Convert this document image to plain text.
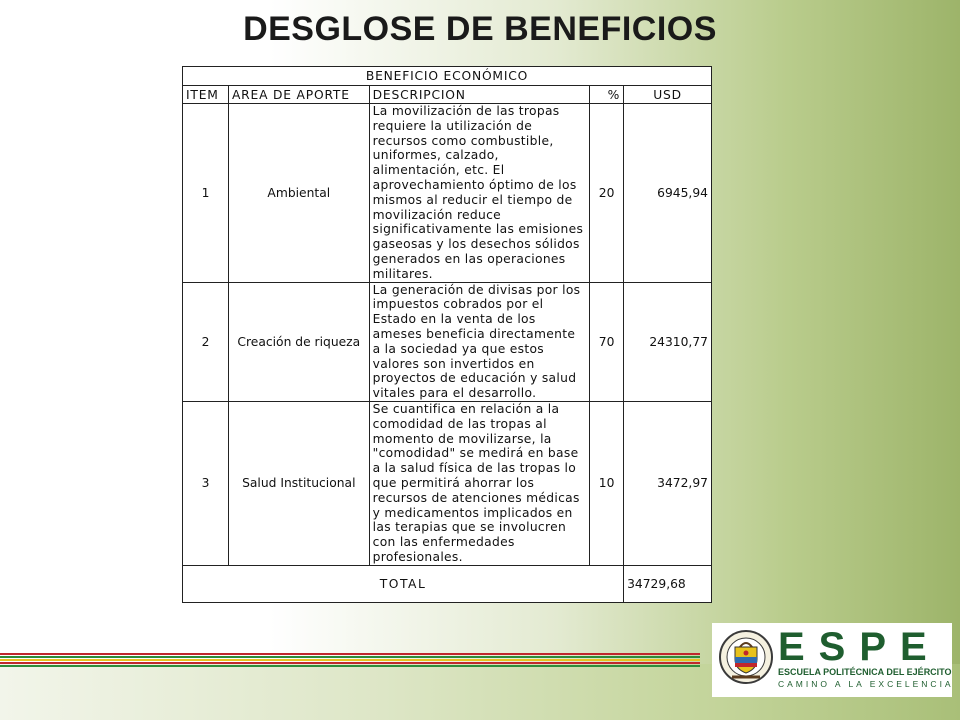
DESGLOSE DE BENEFICIOS
BENEFICIO ECONÓMICO				
ITEM	AREA DE APORTE	DESCRIPCION	%	USD
1	Ambiental	La movilización de las tropas requiere la utilización de recursos como combustible, uniformes, calzado, alimentación, etc. El aprovechamiento óptimo de los mismos al reducir el tiempo de movilización reduce significativamente las emisiones gaseosas y los desechos sólidos generados en las operaciones militares.	20	6945,94
2	Creación de riqueza	La generación de divisas por los impuestos cobrados por el Estado en la venta de los ameses beneficia directamente a la sociedad ya que estos valores son invertidos en proyectos de educación y salud vitales para el desarrollo.	70	24310,77
3	Salud Institucional	Se cuantifica en relación a la comodidad de las tropas al momento de movilizarse, la "comodidad" se medirá en base a la salud física de las tropas lo que permitirá ahorrar los recursos de atenciones médicas y medicamentos implicados en las terapias que se involucren con las enfermedades profesionales.	10	3472,97
TOTAL				34729,68
ESPE
ESCUELA POLITÉCNICA DEL EJÉRCITO
CAMINO A LA EXCELENCIA
